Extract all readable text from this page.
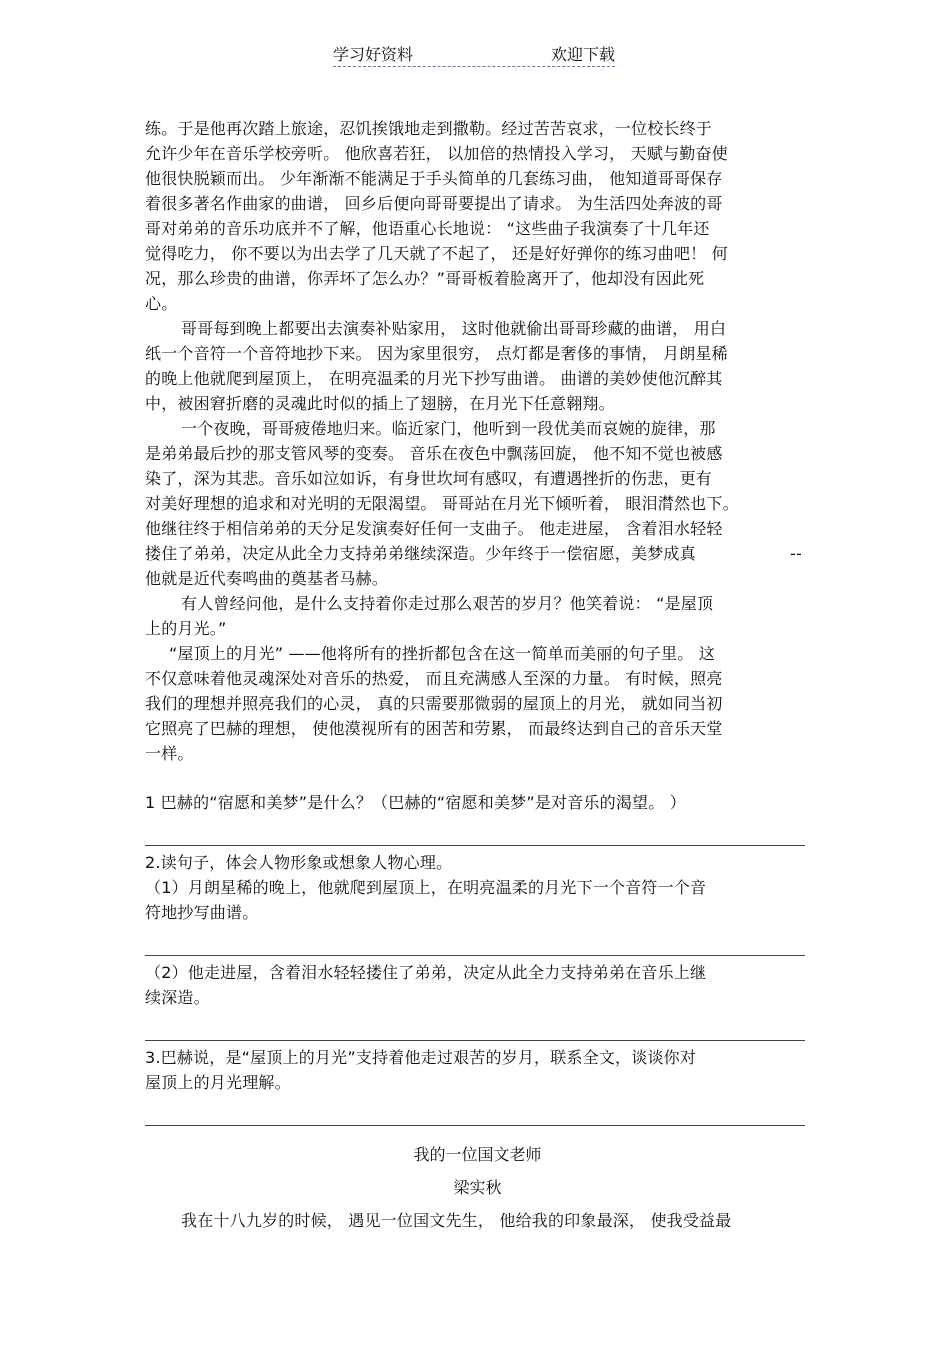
学习好资料	欢迎下载
练。于是他再次踏上旅途，忍饥挨饿地走到撒勒。经过苦苦哀求，一位校长终于
允许少年在音乐学校旁听。 他欣喜若狂， 以加倍的热情投入学习， 天赋与勤奋使
他很快脱颖而出。 少年渐渐不能满足于手头简单的几套练习曲， 他知道哥哥保存
着很多著名作曲家的曲谱， 回乡后便向哥哥要提出了请求。 为生活四处奔波的哥
哥对弟弟的音乐功底并不了解，他语重心长地说： “这些曲子我演奏了十几年还
觉得吃力， 你不要以为出去学了几天就了不起了， 还是好好弹你的练习曲吧！ 何
况，那么珍贵的曲谱，你弄坏了怎么办？”哥哥板着脸离开了，他却没有因此死
心。
哥哥每到晚上都要出去演奏补贴家用， 这时他就偷出哥哥珍藏的曲谱， 用白
纸一个音符一个音符地抄下来。 因为家里很穷， 点灯都是奢侈的事情， 月朗星稀
的晚上他就爬到屋顶上， 在明亮温柔的月光下抄写曲谱。 曲谱的美妙使他沉醉其
中，被困窘折磨的灵魂此时似的插上了翅膀，在月光下任意翱翔。
一个夜晚，哥哥疲倦地归来。临近家门，他听到一段优美而哀婉的旋律，那
是弟弟最后抄的那支管风琴的变奏。 音乐在夜色中飘荡回旋， 他不知不觉也被感
染了，深为其悲。音乐如泣如诉，有身世坎坷有感叹，有遭遇挫折的伤悲，更有
对美好理想的追求和对光明的无限渴望。 哥哥站在月光下倾听着， 眼泪潸然也下。
他继往终于相信弟弟的天分足发演奏好任何一支曲子。 他走进屋， 含着泪水轻轻
搂住了弟弟，决定从此全力支持弟弟继续深造。少年终于一偿宿愿，美梦成真	--
他就是近代奏鸣曲的奠基者马赫。
有人曾经问他，是什么支持着你走过那么艰苦的岁月？他笑着说： “是屋顶
上的月光。”
“屋顶上的月光” ——他将所有的挫折都包含在这一简单而美丽的句子里。 这
不仅意味着他灵魂深处对音乐的热爱， 而且充满感人至深的力量。 有时候，照亮
我们的理想并照亮我们的心灵， 真的只需要那微弱的屋顶上的月光， 就如同当初
它照亮了巴赫的理想， 使他漠视所有的困苦和劳累， 而最终达到自己的音乐天堂
一样。
1 巴赫的“宿愿和美梦”是什么？（巴赫的“宿愿和美梦”是对音乐的渴望。 ）
2.读句子，体会人物形象或想象人物心理。
（1）月朗星稀的晚上，他就爬到屋顶上，在明亮温柔的月光下一个音符一个音
符地抄写曲谱。
（2）他走进屋，含着泪水轻轻搂住了弟弟，决定从此全力支持弟弟在音乐上继
续深造。
3.巴赫说，是“屋顶上的月光”支持着他走过艰苦的岁月，联系全文，谈谈你对
屋顶上的月光理解。
我的一位国文老师
梁实秋
我在十八九岁的时候， 遇见一位国文先生， 他给我的印象最深， 使我受益最
